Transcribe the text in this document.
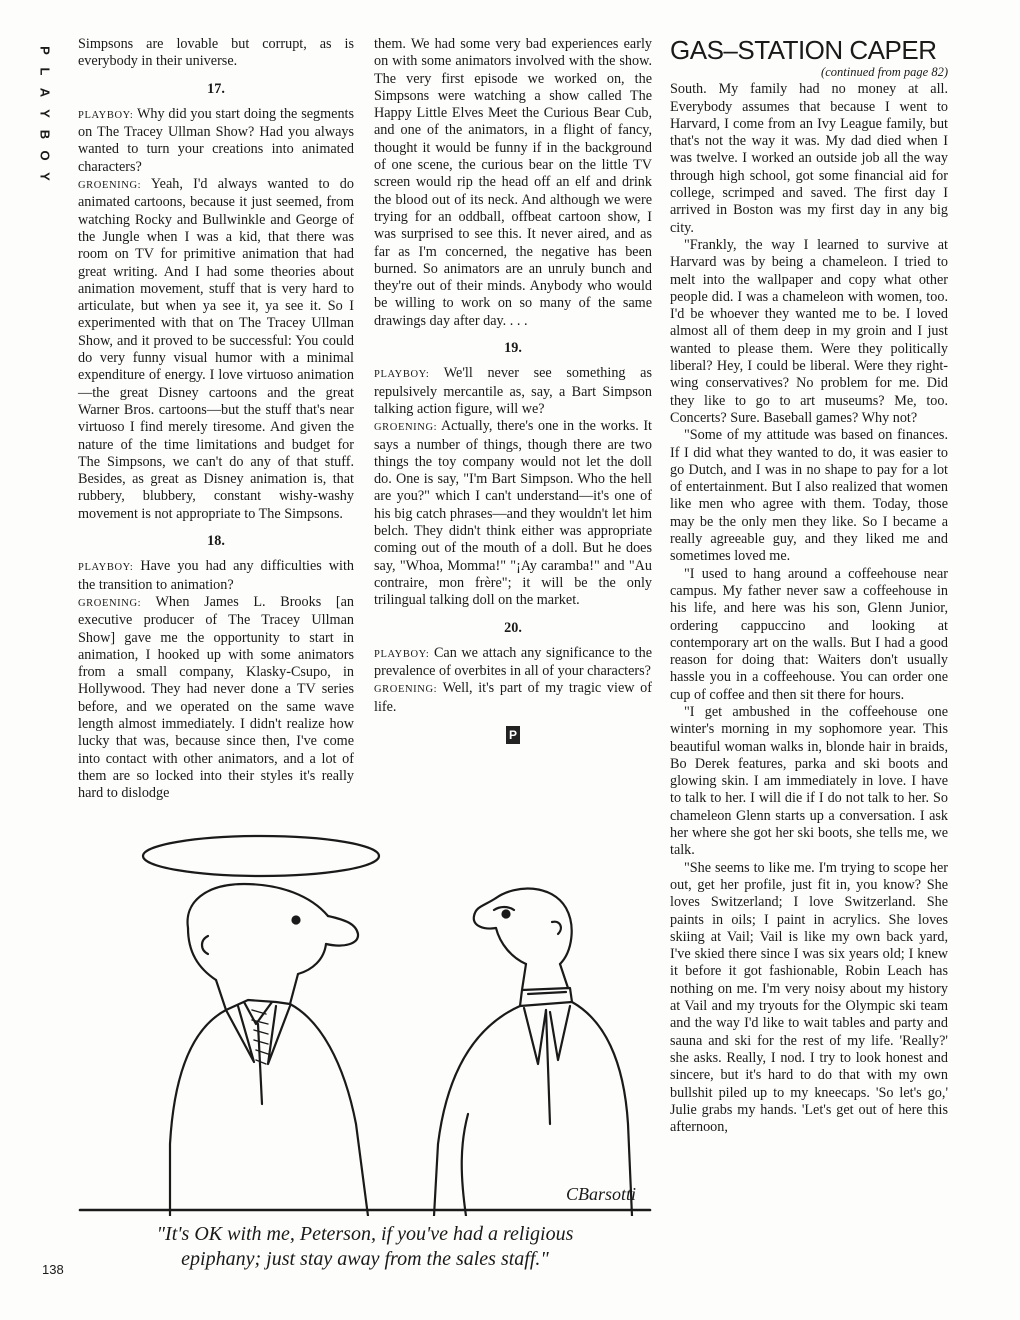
P
L
A
Y
B
O
Y

Simpsons are lovable but corrupt, as is everybody in their universe.

17.

PLAYBOY: Why did you start doing the segments on The Tracey Ullman Show? Had you always wanted to turn your creations into animated characters?

GROENING: Yeah, I'd always wanted to do animated cartoons, because it just seemed, from watching Rocky and Bullwinkle and George of the Jungle when I was a kid, that there was room on TV for primitive animation that had great writing. And I had some theories about animation movement, stuff that is very hard to articulate, but when ya see it, ya see it. So I experimented with that on The Tracey Ullman Show, and it proved to be successful: You could do very funny visual humor with a minimal expenditure of energy. I love virtuoso animation—the great Disney cartoons and the great Warner Bros. cartoons—but the stuff that's near virtuoso I find merely tiresome. And given the nature of the time limitations and budget for The Simpsons, we can't do any of that stuff. Besides, as great as Disney animation is, that rubbery, blubbery, constant wishy-washy movement is not appropriate to The Simpsons.

18.

PLAYBOY: Have you had any difficulties with the transition to animation?

GROENING: When James L. Brooks [an executive producer of The Tracey Ullman Show] gave me the opportunity to start in animation, I hooked up with some animators from a small company, Klasky-Csupo, in Hollywood. They had never done a TV series before, and we operated on the same wave length almost immediately. I didn't realize how lucky that was, because since then, I've come into contact with other animators, and a lot of them are so locked into their styles it's really hard to dislodge

them. We had some very bad experiences early on with some animators involved with the show. The very first episode we worked on, the Simpsons were watching a show called The Happy Little Elves Meet the Curious Bear Cub, and one of the animators, in a flight of fancy, thought it would be funny if in the background of one scene, the curious bear on the little TV screen would rip the head off an elf and drink the blood out of its neck. And although we were trying for an oddball, offbeat cartoon show, I was surprised to see this. It never aired, and as far as I'm concerned, the negative has been burned. So animators are an unruly bunch and they're out of their minds. Anybody who would be willing to work on so many of the same drawings day after day. . . .

19.

PLAYBOY: We'll never see something as repulsively mercantile as, say, a Bart Simpson talking action figure, will we?

GROENING: Actually, there's one in the works. It says a number of things, though there are two things the toy company would not let the doll do. One is say, "I'm Bart Simpson. Who the hell are you?" which I can't understand—it's one of his big catch phrases—and they wouldn't let him belch. They didn't think either was appropriate coming out of the mouth of a doll. But he does say, "Whoa, Momma!" "¡Ay caramba!" and "Au contraire, mon frère"; it will be the only trilingual talking doll on the market.

20.

PLAYBOY: Can we attach any significance to the prevalence of overbites in all of your characters?

GROENING: Well, it's part of my tragic view of life.

P

GAS–STATION CAPER

(continued from page 82)

South. My family had no money at all. Everybody assumes that because I went to Harvard, I come from an Ivy League family, but that's not the way it was. My dad died when I was twelve. I worked an outside job all the way through high school, got some financial aid for college, scrimped and saved. The first day I arrived in Boston was my first day in any big city.

"Frankly, the way I learned to survive at Harvard was by being a chameleon. I tried to melt into the wallpaper and copy what other people did. I was a chameleon with women, too. I'd be whoever they wanted me to be. I loved almost all of them deep in my groin and I just wanted to please them. Were they politically liberal? Hey, I could be liberal. Were they right-wing conservatives? No problem for me. Did they like to go to art museums? Me, too. Concerts? Sure. Baseball games? Why not?

"Some of my attitude was based on finances. If I did what they wanted to do, it was easier to go Dutch, and I was in no shape to pay for a lot of entertainment. But I also realized that women like men who agree with them. Today, those may be the only men they like. So I became a really agreeable guy, and they liked me and sometimes loved me.

"I used to hang around a coffeehouse near campus. My father never saw a coffeehouse in his life, and here was his son, Glenn Junior, ordering cappuccino and looking at contemporary art on the walls. But I had a good reason for doing that: Waiters don't usually hassle you in a coffeehouse. You can order one cup of coffee and then sit there for hours.

"I get ambushed in the coffeehouse one winter's morning in my sophomore year. This beautiful woman walks in, blonde hair in braids, Bo Derek features, parka and ski boots and glowing skin. I am immediately in love. I have to talk to her. I will die if I do not talk to her. So chameleon Glenn starts up a conversation. I ask her where she got her ski boots, she tells me, we talk.

"She seems to like me. I'm trying to scope her out, get her profile, just fit in, you know? She loves Switzerland; I love Switzerland. She paints in oils; I paint in acrylics. She loves skiing at Vail; Vail is like my own back yard, I've skied there since I was six years old; I knew it before it got fashionable, Robin Leach has nothing on me. I'm very noisy about my history at Vail and my tryouts for the Olympic ski team and the way I'd like to wait tables and party and sauna and ski for the rest of my life. 'Really?' she asks. Really, I nod. I try to look honest and sincere, but it's hard to do that with my own bullshit piled up to my kneecaps. 'So let's go,' Julie grabs my hands. 'Let's get out of here this afternoon,

CBarsotti
"It's OK with me, Peterson, if you've had a religious
epiphany; just stay away from the sales staff."
138
